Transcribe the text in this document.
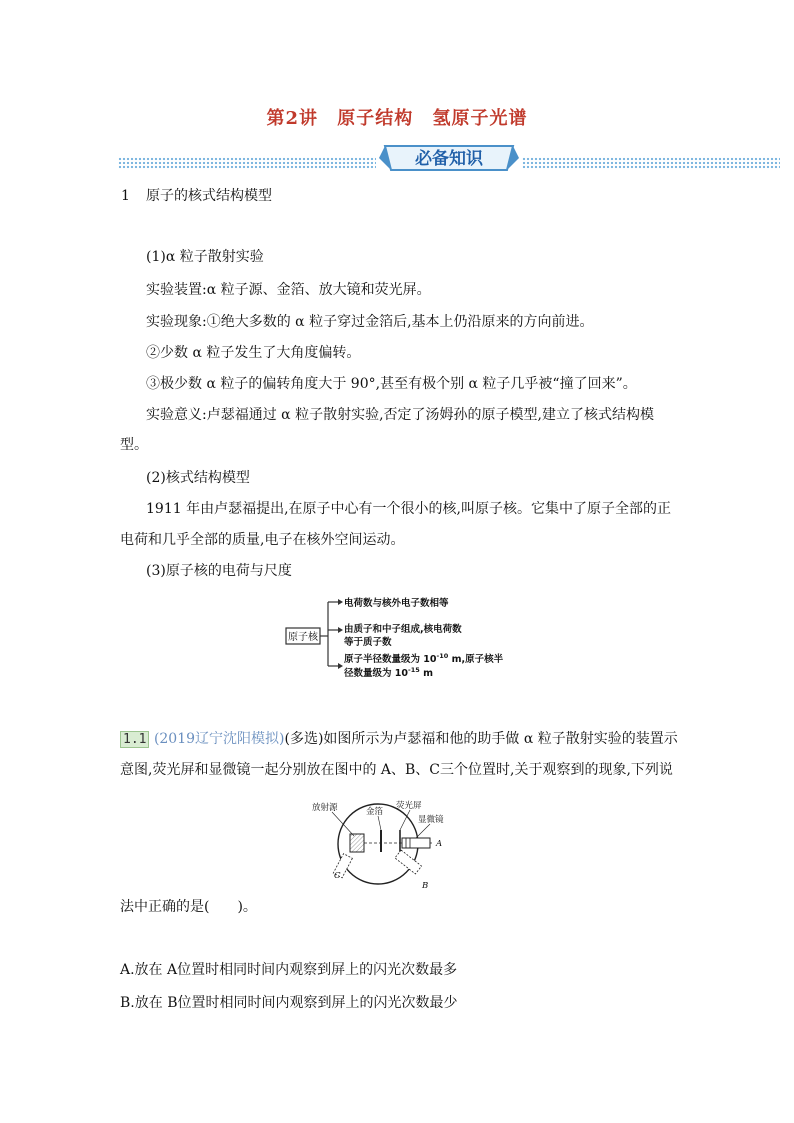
第2讲 原子结构 氢原子光谱
必备知识
1 原子的核式结构模型
(1)α 粒子散射实验
实验装置:α 粒子源、金箔、放大镜和荧光屏。
实验现象:①绝大多数的 α 粒子穿过金箔后,基本上仍沿原来的方向前进。
②少数 α 粒子发生了大角度偏转。
③极少数 α 粒子的偏转角度大于 90°,甚至有极个别 α 粒子几乎被“撞了回来”。
实验意义:卢瑟福通过 α 粒子散射实验,否定了汤姆孙的原子模型,建立了核式结构模
型。
(2)核式结构模型
1911 年由卢瑟福提出,在原子中心有一个很小的核,叫原子核。它集中了原子全部的正
电荷和几乎全部的质量,电子在核外空间运动。
(3)原子核的电荷与尺度
原子核
电荷数与核外电子数相等
由质子和中子组成,核电荷数
等于质子数
原子半径数量级为 $10^{-10}$ m,原子核半
径数量级为 $10^{-15}$ m
1.1 (2019辽宁沈阳模拟)(多选)如图所示为卢瑟福和他的助手做 α 粒子散射实验的装置示
意图,荧光屏和显微镜一起分别放在图中的 A、B、C三个位置时,关于观察到的现象,下列说
放射源	金箔
荧光屏
显微镜
A
B
C
法中正确的是(　　)。
A.放在 A位置时相同时间内观察到屏上的闪光次数最多
B.放在 B位置时相同时间内观察到屏上的闪光次数最少
